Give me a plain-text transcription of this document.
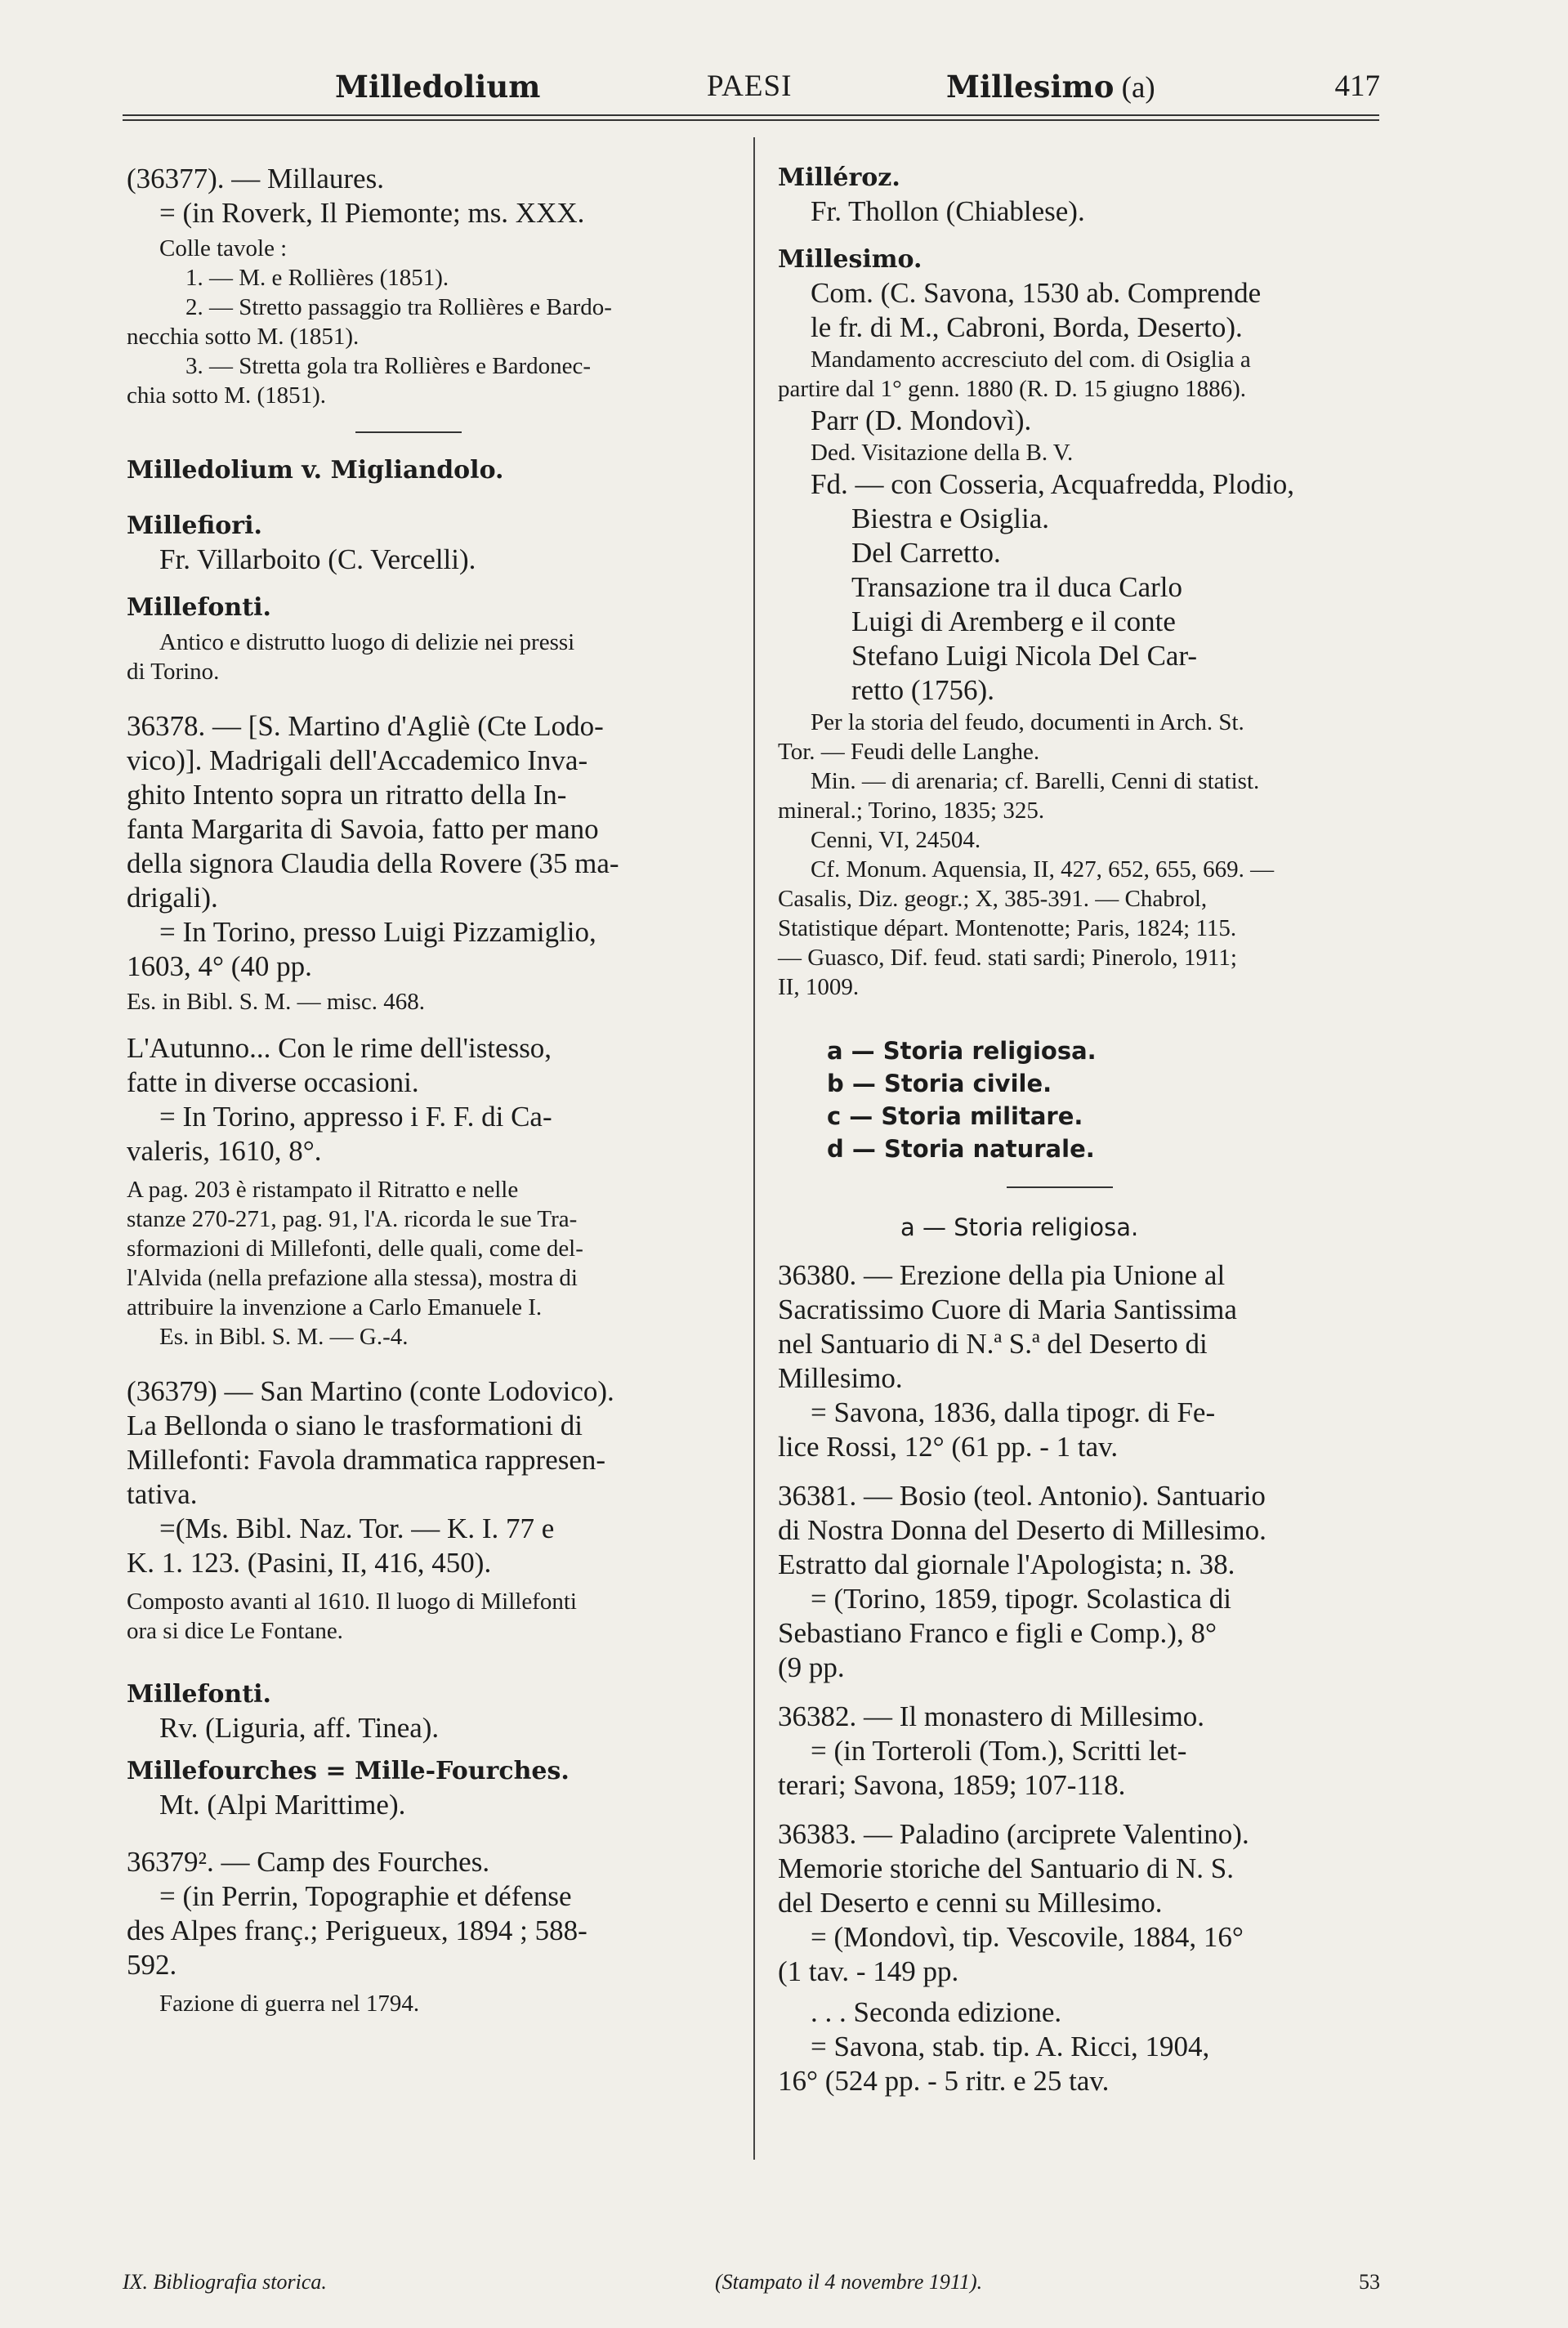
Milledolium	PAESI	Millesimo (a)	417

(36377). — Millaures.

= (in Roverk, Il Piemonte; ms. XXX.

Colle tavole :

1. — M. e Rollières (1851).

2. — Stretto passaggio tra Rollières e Bardo-

necchia sotto M. (1851).

3. — Stretta gola tra Rollières e Bardonec-

chia sotto M. (1851).

Milledolium v. Migliandolo.

Millefiori.

Fr. Villarboito (C. Vercelli).

Millefonti.

Antico e distrutto luogo di delizie nei pressi

di Torino.

36378. — [S. Martino d'Agliè (Cte Lodo-

vico)]. Madrigali dell'Accademico Inva-

ghito Intento sopra un ritratto della In-

fanta Margarita di Savoia, fatto per mano

della signora Claudia della Rovere (35 ma-

drigali).

= In Torino, presso Luigi Pizzamiglio,

1603, 4° (40 pp.

Es. in Bibl. S. M. — misc. 468.

L'Autunno... Con le rime dell'istesso,

fatte in diverse occasioni.

= In Torino, appresso i F. F. di Ca-

valeris, 1610, 8°.

A pag. 203 è ristampato il Ritratto e nelle

stanze 270-271, pag. 91, l'A. ricorda le sue Tra-

sformazioni di Millefonti, delle quali, come del-

l'Alvida (nella prefazione alla stessa), mostra di

attribuire la invenzione a Carlo Emanuele I.

Es. in Bibl. S. M. — G.-4.

(36379) — San Martino (conte Lodovico).

La Bellonda o siano le trasformationi di

Millefonti: Favola drammatica rappresen-

tativa.

=(Ms. Bibl. Naz. Tor. — K. I. 77 e

K. 1. 123. (Pasini, II, 416, 450).

Composto avanti al 1610. Il luogo di Millefonti

ora si dice Le Fontane.

Millefonti.

Rv. (Liguria, aff. Tinea).

Millefourches = Mille-Fourches.

Mt. (Alpi Marittime).

36379². — Camp des Fourches.

= (in Perrin, Topographie et défense

des Alpes franç.; Perigueux, 1894 ; 588-

592.

Fazione di guerra nel 1794.

Milléroz.

Fr. Thollon (Chiablese).

Millesimo.

Com. (C. Savona, 1530 ab. Comprende

le fr. di M., Cabroni, Borda, Deserto).

Mandamento accresciuto del com. di Osiglia a

partire dal 1° genn. 1880 (R. D. 15 giugno 1886).

Parr (D. Mondovì).

Ded. Visitazione della B. V.

Fd. — con Cosseria, Acquafredda, Plodio,

Biestra e Osiglia.

Del Carretto.

Transazione tra il duca Carlo

Luigi di Aremberg e il conte

Stefano Luigi Nicola Del Car-

retto (1756).

Per la storia del feudo, documenti in Arch. St.

Tor. — Feudi delle Langhe.

Min. — di arenaria; cf. Barelli, Cenni di statist.

mineral.; Torino, 1835; 325.

Cenni, VI, 24504.

Cf. Monum. Aquensia, II, 427, 652, 655, 669. —

Casalis, Diz. geogr.; X, 385-391. — Chabrol,

Statistique départ. Montenotte; Paris, 1824; 115.

— Guasco, Dif. feud. stati sardi; Pinerolo, 1911;

II, 1009.

a — Storia religiosa.

b — Storia civile.

c — Storia militare.

d — Storia naturale.

a — Storia religiosa.

36380. — Erezione della pia Unione al

Sacratissimo Cuore di Maria Santissima

nel Santuario di N.ª S.ª del Deserto di

Millesimo.

= Savona, 1836, dalla tipogr. di Fe-

lice Rossi, 12° (61 pp. - 1 tav.

36381. — Bosio (teol. Antonio). Santuario

di Nostra Donna del Deserto di Millesimo.

Estratto dal giornale l'Apologista; n. 38.

= (Torino, 1859, tipogr. Scolastica di

Sebastiano Franco e figli e Comp.), 8°

(9 pp.

36382. — Il monastero di Millesimo.

= (in Torteroli (Tom.), Scritti let-

terari; Savona, 1859; 107-118.

36383. — Paladino (arciprete Valentino).

Memorie storiche del Santuario di N. S.

del Deserto e cenni su Millesimo.

= (Mondovì, tip. Vescovile, 1884, 16°

(1 tav. - 149 pp.

. . . Seconda edizione.

= Savona, stab. tip. A. Ricci, 1904,

16° (524 pp. - 5 ritr. e 25 tav.

IX. Bibliografia storica.	(Stampato il 4 novembre 1911).	53
